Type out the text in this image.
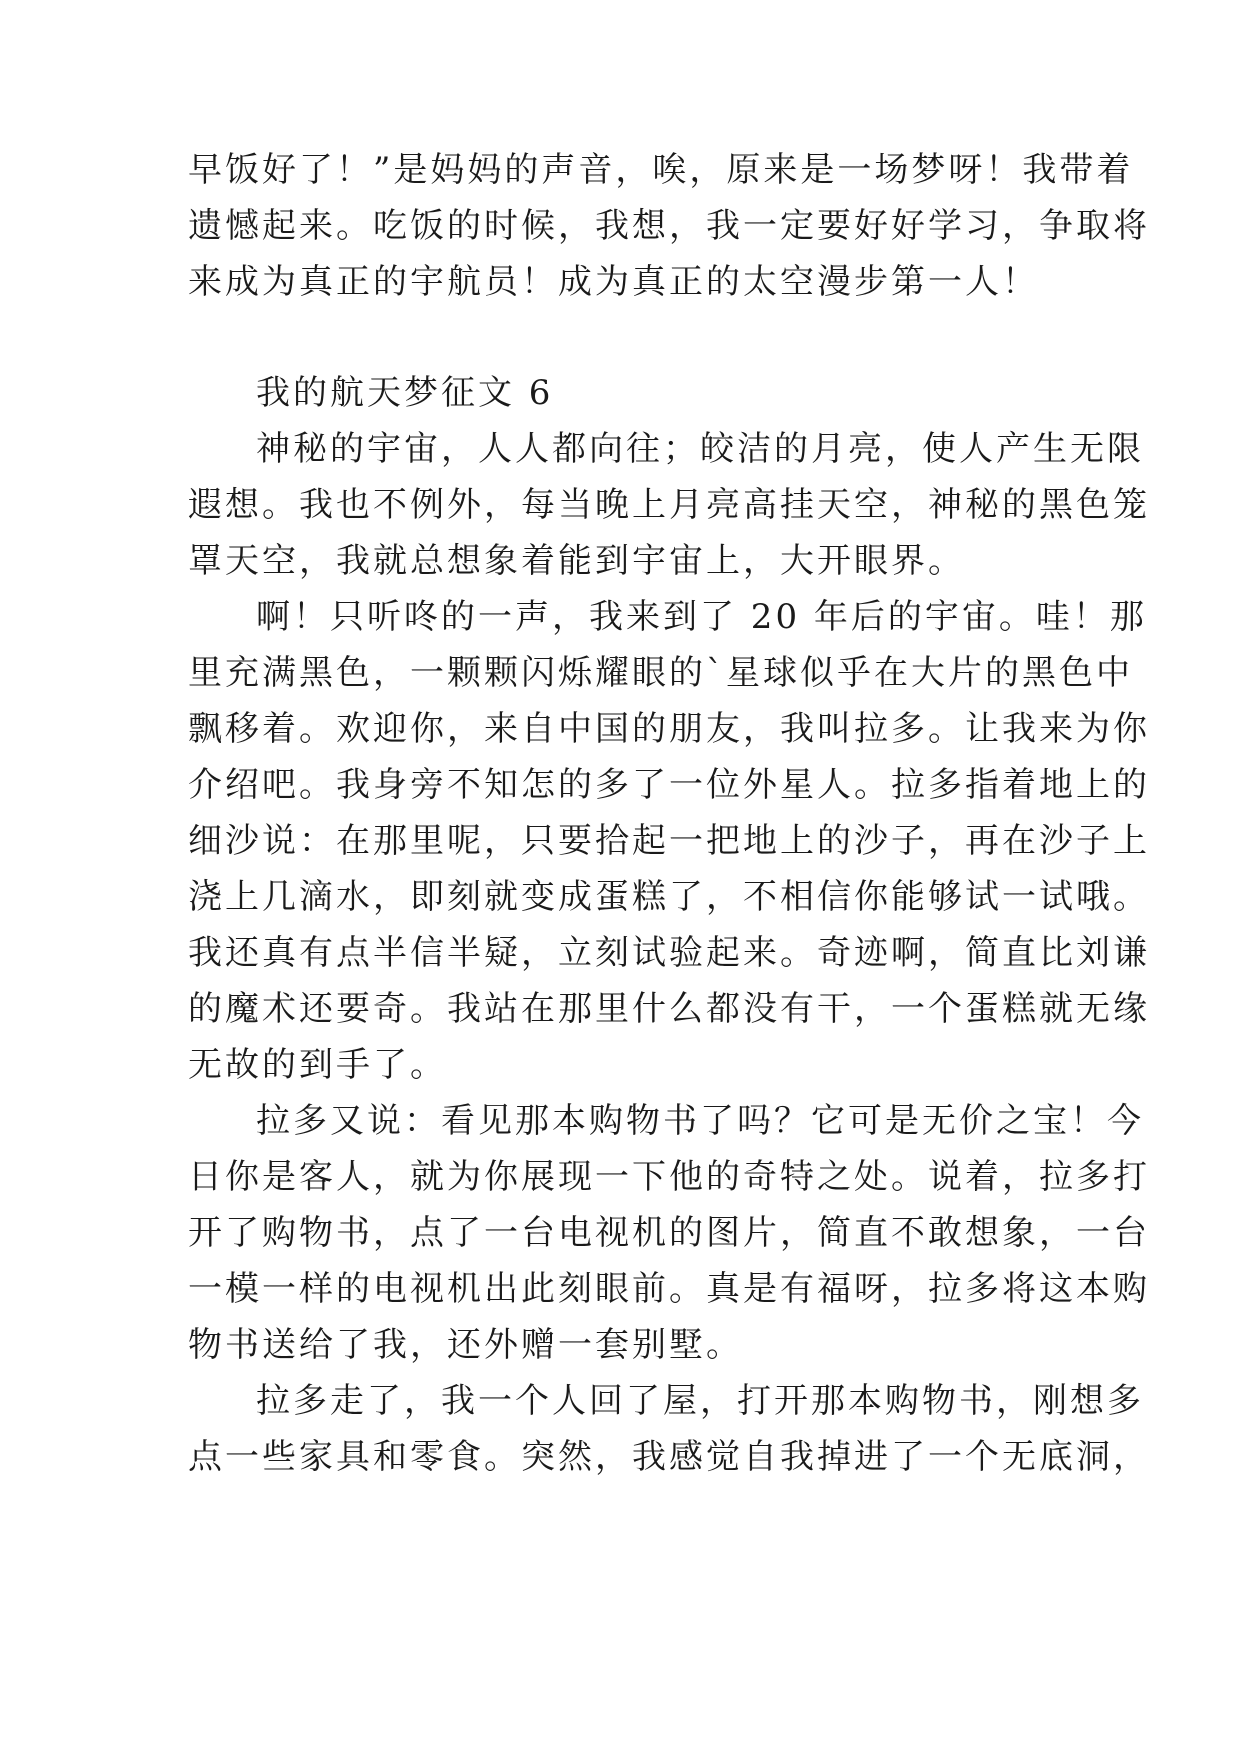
早饭好了！”是妈妈的声音，唉，原来是一场梦呀！我带着
遗憾起来。吃饭的时候，我想，我一定要好好学习，争取将
来成为真正的宇航员！成为真正的太空漫步第一人！
我的航天梦征文 6
神秘的宇宙，人人都向往；皎洁的月亮，使人产生无限
遐想。我也不例外，每当晚上月亮高挂天空，神秘的黑色笼
罩天空，我就总想象着能到宇宙上，大开眼界。
啊！只听咚的一声，我来到了 20 年后的宇宙。哇！那
里充满黑色，一颗颗闪烁耀眼的`星球似乎在大片的黑色中
飘移着。欢迎你，来自中国的朋友，我叫拉多。让我来为你
介绍吧。我身旁不知怎的多了一位外星人。拉多指着地上的
细沙说：在那里呢，只要拾起一把地上的沙子，再在沙子上
浇上几滴水，即刻就变成蛋糕了，不相信你能够试一试哦。
我还真有点半信半疑，立刻试验起来。奇迹啊，简直比刘谦
的魔术还要奇。我站在那里什么都没有干，一个蛋糕就无缘
无故的到手了。
拉多又说：看见那本购物书了吗？它可是无价之宝！今
日你是客人，就为你展现一下他的奇特之处。说着，拉多打
开了购物书，点了一台电视机的图片，简直不敢想象，一台
一模一样的电视机出此刻眼前。真是有福呀，拉多将这本购
物书送给了我，还外赠一套别墅。
拉多走了，我一个人回了屋，打开那本购物书，刚想多
点一些家具和零食。突然，我感觉自我掉进了一个无底洞，
